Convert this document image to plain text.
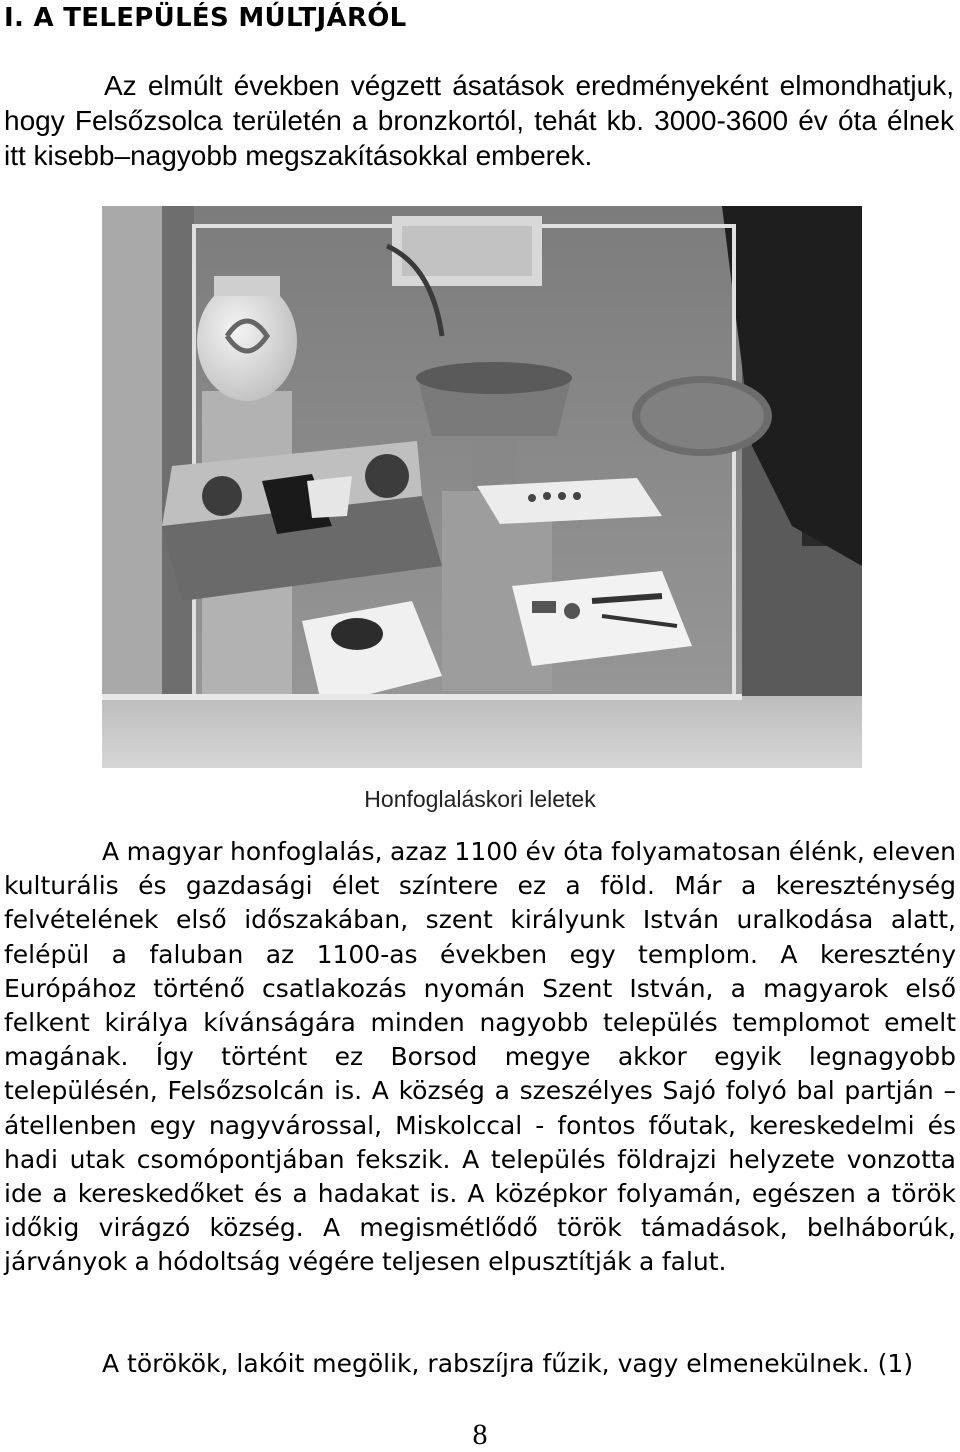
I. A TELEPÜLÉS MÚLTJÁRÓL

Az elmúlt években végzett ásatások eredményeként elmondhatjuk, hogy Felsőzsolca területén a bronzkortól, tehát kb. 3000-3600 év óta élnek itt kisebb–nagyobb megszakításokkal emberek.

Honfoglaláskori leletek

A magyar honfoglalás, azaz 1100 év óta folyamatosan élénk, eleven kulturális és gazdasági élet színtere ez a föld. Már a kereszténység felvételének első időszakában, szent királyunk István uralkodása alatt, felépül a faluban az 1100-as években egy templom. A keresztény Európához történő csatlakozás nyomán Szent István, a magyarok első felkent királya kívánságára minden nagyobb település templomot emelt magának. Így történt ez Borsod megye akkor egyik legnagyobb településén, Felsőzsolcán is. A község a szeszélyes Sajó folyó bal partján – átellenben egy nagyvárossal, Miskolccal - fontos főutak, kereskedelmi és hadi utak csomópontjában fekszik. A település földrajzi helyzete vonzotta ide a kereskedőket és a hadakat is. A középkor folyamán, egészen a török időkig virágzó község. A megismétlődő török támadások, belháborúk, járványok a hódoltság végére teljesen elpusztítják a falut.

A törökök, lakóit megölik, rabszíjra fűzik, vagy elmenekülnek. (1)

8
